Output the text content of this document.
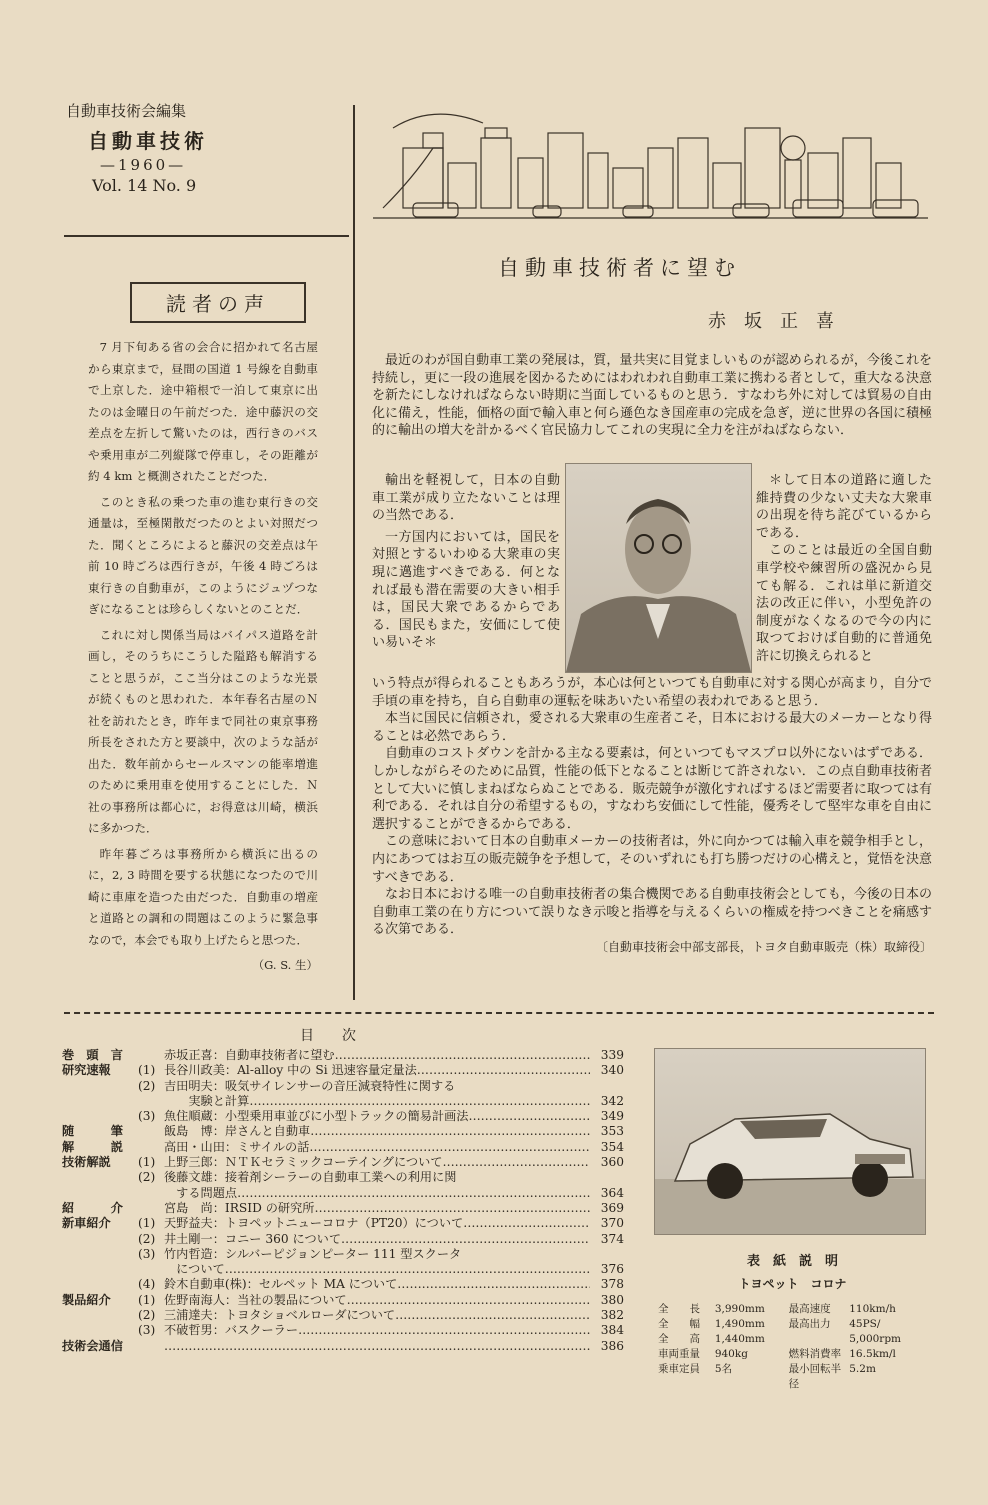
自動車技術会編集
自動車技術
—1960—
Vol. 14 No. 9
読者の声

7 月下旬ある省の会合に招かれて名古屋から東京まで，昼間の国道 1 号線を自動車で上京した．途中箱根で一泊して東京に出たのは金曜日の午前だつた．途中藤沢の交差点を左折して驚いたのは，西行きのバスや乗用車が二列縦隊で停車し，その距離が約 4 km と概測されたことだつた．

このとき私の乗つた車の進む東行きの交通量は，至極閑散だつたのとよい対照だつた．聞くところによると藤沢の交差点は午前 10 時ごろは西行きが，午後 4 時ごろは東行きの自動車が，このようにジュヅつなぎになることは珍らしくないとのことだ．

これに対し関係当局はバイパス道路を計画し，そのうちにこうした隘路も解消することと思うが，ここ当分はこのような光景が続くものと思われた．本年春名古屋のＮ社を訪れたとき，昨年まで同社の東京事務所長をされた方と要談中，次のような話が出た．数年前からセールスマンの能率増進のために乗用車を使用することにした．Ｎ社の事務所は都心に，お得意は川崎，横浜に多かつた．

昨年暮ごろは事務所から横浜に出るのに，2, 3 時間を要する状態になつたので川崎に車庫を造つた由だつた．自動車の増産と道路との調和の問題はこのように緊急事なので，本会でも取り上げたらと思つた．

（G. S. 生）
自動車技術者に望む
赤坂正喜

最近のわが国自動車工業の発展は，質，量共実に目覚ましいものが認められるが，今後これを持続し，更に一段の進展を図かるためにはわれわれ自動車工業に携わる者として，重大なる決意を新たにしなければならない時期に当面しているものと思う．すなわち外に対しては貿易の自由化に備え，性能，価格の面で輸入車と何ら遜色なき国産車の完成を急ぎ，逆に世界の各国に積極的に輸出の増大を計かるべく官民協力してこれの実現に全力を注がねばならない．

輸出を軽視して，日本の自動車工業が成り立たないことは理の当然である．

一方国内においては，国民を対照とするいわゆる大衆車の実現に邁進すべきである．何となれば最も潜在需要の大きい相手は，国民大衆であるからである．国民もまた，安価にして使い易いそ＊

＊して日本の道路に適した維持費の少ない丈夫な大衆車の出現を待ち詫びているからである．

このことは最近の全国自動車学校や練習所の盛況から見ても解る．これは単に新道交法の改正に伴い，小型免許の制度がなくなるので今の内に取つておけば自動的に普通免許に切換えられると

いう特点が得られることもあろうが，本心は何といつても自動車に対する関心が高まり，自分で手頃の車を持ち，自ら自動車の運転を味あいたい希望の表われであると思う．

本当に国民に信頼され，愛される大衆車の生産者こそ，日本における最大のメーカーとなり得ることは必然であらう．

自動車のコストダウンを計かる主なる要素は，何といつてもマスプロ以外にないはずである．しかしながらそのために品質，性能の低下となることは断じて許されない．この点自動車技術者として大いに慎しまねばならぬことである．販売競争が激化すればするほど需要者に取つては有利である．それは自分の希望するもの，すなわち安価にして性能，優秀そして堅牢な車を自由に選択することができるからである．

この意味において日本の自動車メーカーの技術者は，外に向かつては輸入車を競争相手とし，内にあつてはお互の販売競争を予想して，そのいずれにも打ち勝つだけの心構えと，覚悟を決意すべきである．

なお日本における唯一の自動車技術者の集合機関である自動車技術会としても，今後の日本の自動車工業の在り方について誤りなき示唆と指導を与えるくらいの権威を持つべきことを痛感する次第である．

〔自動車技術会中部支部長，トヨタ自動車販売（株）取締役〕
目　　次
巻　頭　言	赤坂正喜：自動車技術者に望む ………………………………………………………………………………………………	339
研究速報	(1) 長谷川政美：Al-alloy 中の Si 迅速容量定量法 ………………………………………………………………………………………………	340
(2) 吉田明夫：吸気サイレンサーの音圧減衰特性に関する
　　実験と計算 ………………………………………………………………………………………………	342
(3) 魚住順蔵：小型乗用車並びに小型トラックの簡易計画法 ………………………………………………………………………………………………	349
随　　　筆	飯島　博：岸さんと自動車 ………………………………………………………………………………………………	353
解　　　説	高田・山田：ミサイルの話 ………………………………………………………………………………………………	354
技術解説	(1) 上野三郎：ＮＴＫセラミックコーテイングについて ………………………………………………………………………………………………	360
(2) 後藤文雄：接着剤シーラーの自動車工業への利用に関
　する問題点 ………………………………………………………………………………………………	364
紹　　　介	宮島　尚：IRSID の研究所 ………………………………………………………………………………………………	369
新車紹介	(1) 天野益夫：トヨペットニューコロナ（PT20）について ………………………………………………………………………………………………	370
(2) 井土剛一：コニー 360 について ………………………………………………………………………………………………	374
(3) 竹内哲造：シルバーピジョンピーター 111 型スクータ
　について ………………………………………………………………………………………………	376
(4) 鈴木自動車(株)：セルペット MA について ………………………………………………………………………………………………	378
製品紹介	(1) 佐野南海人：当社の製品について ………………………………………………………………………………………………	380
(2) 三浦達夫：トヨタショベルローダについて ………………………………………………………………………………………………	382
(3) 不破哲男：バスクーラー ………………………………………………………………………………………………	384
技術会通信 ………………………………………………………………………………………………	386
表　紙　説　明
トヨペット　コロナ
全　　長	3,990mm	最高速度	110km/h
全　　幅	1,490mm	最高出力	45PS/
全　　高	1,440mm	5,000rpm
車両重量	940kg	燃料消費率 16.5km/l
乗車定員	5名	最小回転半径
5.2m
